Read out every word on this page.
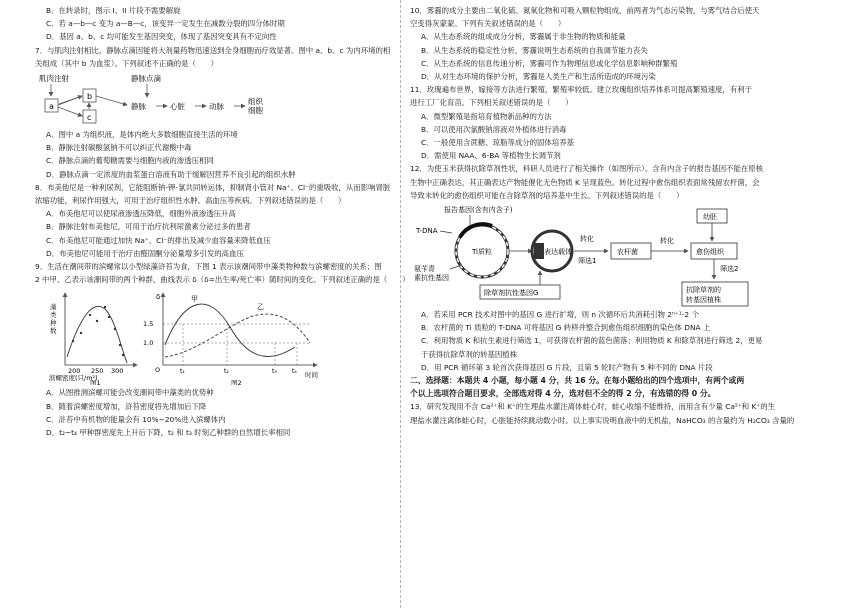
B．在转录时，图示 I、II 片段不需要解旋

C．若 a—b—c 变为 a—B—c，该变异一定发生在减数分裂的四分体时期

D．基因 a、b、c 均可能发生基因突变，体现了基因突变具有不定向性

7．与肌肉注射相比，静脉点滴因能将大剂量药物迅速送到全身细胞而疗效显著。图中 a、b、c 为内环境的相

关组成（其中 b 为血浆）。下列叙述不正确的是（　　）

肌肉注射	静脉点滴
a
b
c
静脉	心脏	动脉
组织
细胞

A．图中 a 为组织液，是体内绝大多数细胞直接生活的环境

B．静脉注射碳酸氢钠不可以纠正代谢酸中毒

C．静脉点滴的葡萄糖需要与细胞内液的渗透压相同

D．静脉点滴一定浓度的血浆蛋白溶液有助于缓解因营养不良引起的组织水肿

8．布美他尼是一种利尿剂，它能阻断钠-钾-氯共同转运体，抑制肾小管对 Na⁺、Cl⁻的重吸收，从而影响肾脏

浓缩功能，利尿作用强大，可用于治疗组织性水肿、高血压等疾病。下列叙述错误的是（　　）

A．布美他尼可以使尿液渗透压降低，细胞外液渗透压升高

B．静脉注射布美他尼，可用于治疗抗利尿激素分泌过多的患者

C．布美他尼可能通过加快 Na⁺、Cl⁻的排出及减少血容量来降低血压

D．布美他尼可能用于治疗由醛固酮分泌量增多引发的高血压

9．生活在潮间带的滨螺常以小型绿藻浒苔为食，下图 1 表示该潮间带中藻类物种数与滨螺密度的关系；图

2 中甲、乙表示该潮间带的两个种群，曲线表示 δ（δ=出生率/死亡率）随时间的变化。下列叙述正确的是（　　）

藻
类
种
数
200 250 300
滨螺密度(只/m²)
图1
δ
1.5
1.0
O
甲
乙
t₁	t₂	t₃	t₄ 时间
图2

A．从图推测滨螺可能会改变潮间带中藻类的优势种

B．随着滨螺密度增加，浒苔密度将先增加后下降

C．浒苔中有机物的能量会有 10%~20%进入滨螺体内

D．t₂~t₄ 甲种群密度先上升后下降，t₂ 和 t₃ 时刻乙种群的自然增长率相同

10．雾霾的成分主要由二氧化硫、氮氧化物和可吸入颗粒物组成，前两者为气态污染物，与雾气结合后使天

空变得灰蒙蒙。下列有关叙述错误的是（　　）

A．从生态系统的组成成分分析，雾霾属于非生物的物质和能量

B．从生态系统的稳定性分析，雾霾说明生态系统的自我调节能力丧失

C．从生态系统的信息传递分析，雾霾可作为物理信息或化学信息影响种群繁殖

D．从对生态环境的保护分析，雾霾是人类生产和生活所造成的环境污染

11．玫瑰遍布世界，嫁接等方法进行繁殖，繁殖率较低。建立玫瑰组织培养体系可提高繁殖速度，有利于

进行工厂化育苗。下列相关叙述错误的是（　　）

A．微型繁殖是指培育植物新品种的方法

B．可以使用次氯酸钠溶液对外植体进行消毒

C．一般使用含蔗糖、琼脂等成分的固体培养基

D．需使用 NAA、6-BA 等植物生长调节剂

12．为使玉米获得抗除草剂性状，科研人员进行了相关操作（如图所示）。含有内含子的报告基因不能在原核

生物中正确表达，其正确表达产物能催化无色物质 K 呈现蓝色。转化过程中愈伤组织表面常残留农杆菌，会

导致未转化的愈伤组织可能在含除草剂的培养基中生长。下列叙述错误的是（　　）

报告基因(含有内含子)
T-DNA
Ti质粒
氨苄青
素抗性基因
表达载体
除草剂抗性基因G
转化
筛选1
农杆菌
幼胚
转化
愈伤组织
筛选2
抗除草剂的
转基因植株

A．若采用 PCR 技术对图中的基因 G 进行扩增，则 n 次循环后共消耗引物 2ⁿ⁺¹-2 个

B．农杆菌的 Ti 质粒的 T-DNA 可将基因 G 转移并整合到愈伤组织细胞的染色体 DNA 上

C．利用物质 K 和抗生素进行筛选 1，可获得农杆菌的蓝色菌落；利用物质 K 和除草剂进行筛选 2，更易

于获得抗除草剂的转基因植株

D．用 PCR 循环第 3 轮首次获得基因 G 片段，且第 5 轮时产物有 5 种不同的 DNA 片段

二、选择题：本题共 4 小题，每小题 4 分，共 16 分。在每小题给出的四个选项中，有两个或两

个以上选项符合题目要求，全部选对得 4 分，选对但不全的得 2 分，有选错的得 0 分。

13．研究发现用不含 Ca²⁺和 K⁺的生理盐水灌注离体蛙心时，蛙心收缩不能维持，而用含有少量 Ca²⁺和 K⁺的生

理盐水灌注离体蛙心时，心脏能持续跳动数小时。以上事实说明血液中的无机盐，NaHCO₃ 的含量约为 H₂CO₃ 含量的
